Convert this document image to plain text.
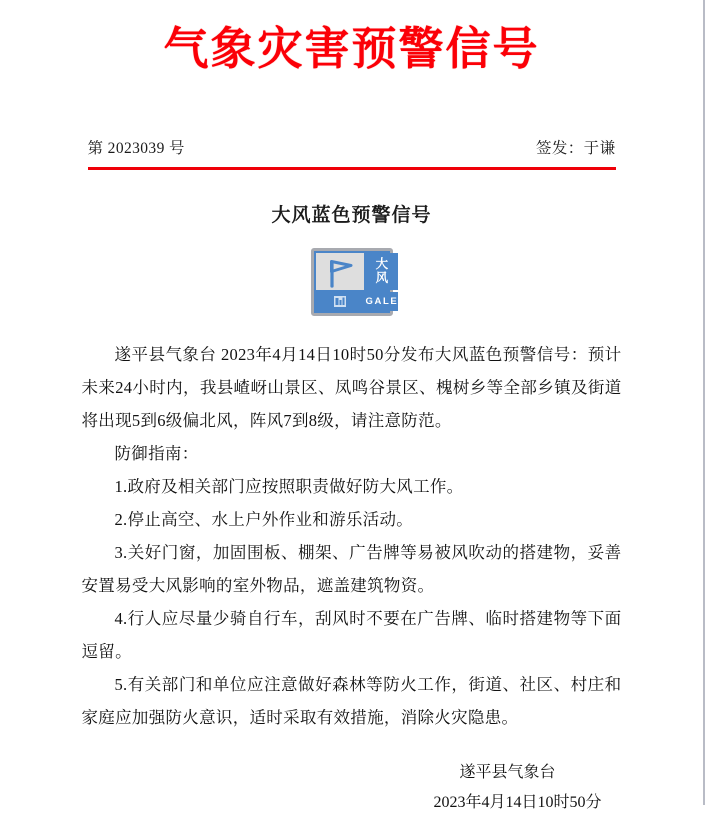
气象灾害预警信号
第 2023039 号	签发：于谦
大风蓝色预警信号
大
风
GALE

遂平县气象台 2023年4月14日10时50分发布大风蓝色预警信号：预计未来24小时内，我县嵖岈山景区、凤鸣谷景区、槐树乡等全部乡镇及街道将出现5到6级偏北风，阵风7到8级，请注意防范。

防御指南：

1.政府及相关部门应按照职责做好防大风工作。

2.停止高空、水上户外作业和游乐活动。

3.关好门窗，加固围板、棚架、广告牌等易被风吹动的搭建物，妥善安置易受大风影响的室外物品，遮盖建筑物资。

4.行人应尽量少骑自行车，刮风时不要在广告牌、临时搭建物等下面逗留。

5.有关部门和单位应注意做好森林等防火工作，街道、社区、村庄和家庭应加强防火意识，适时采取有效措施，消除火灾隐患。

遂平县气象台

2023年4月14日10时50分
